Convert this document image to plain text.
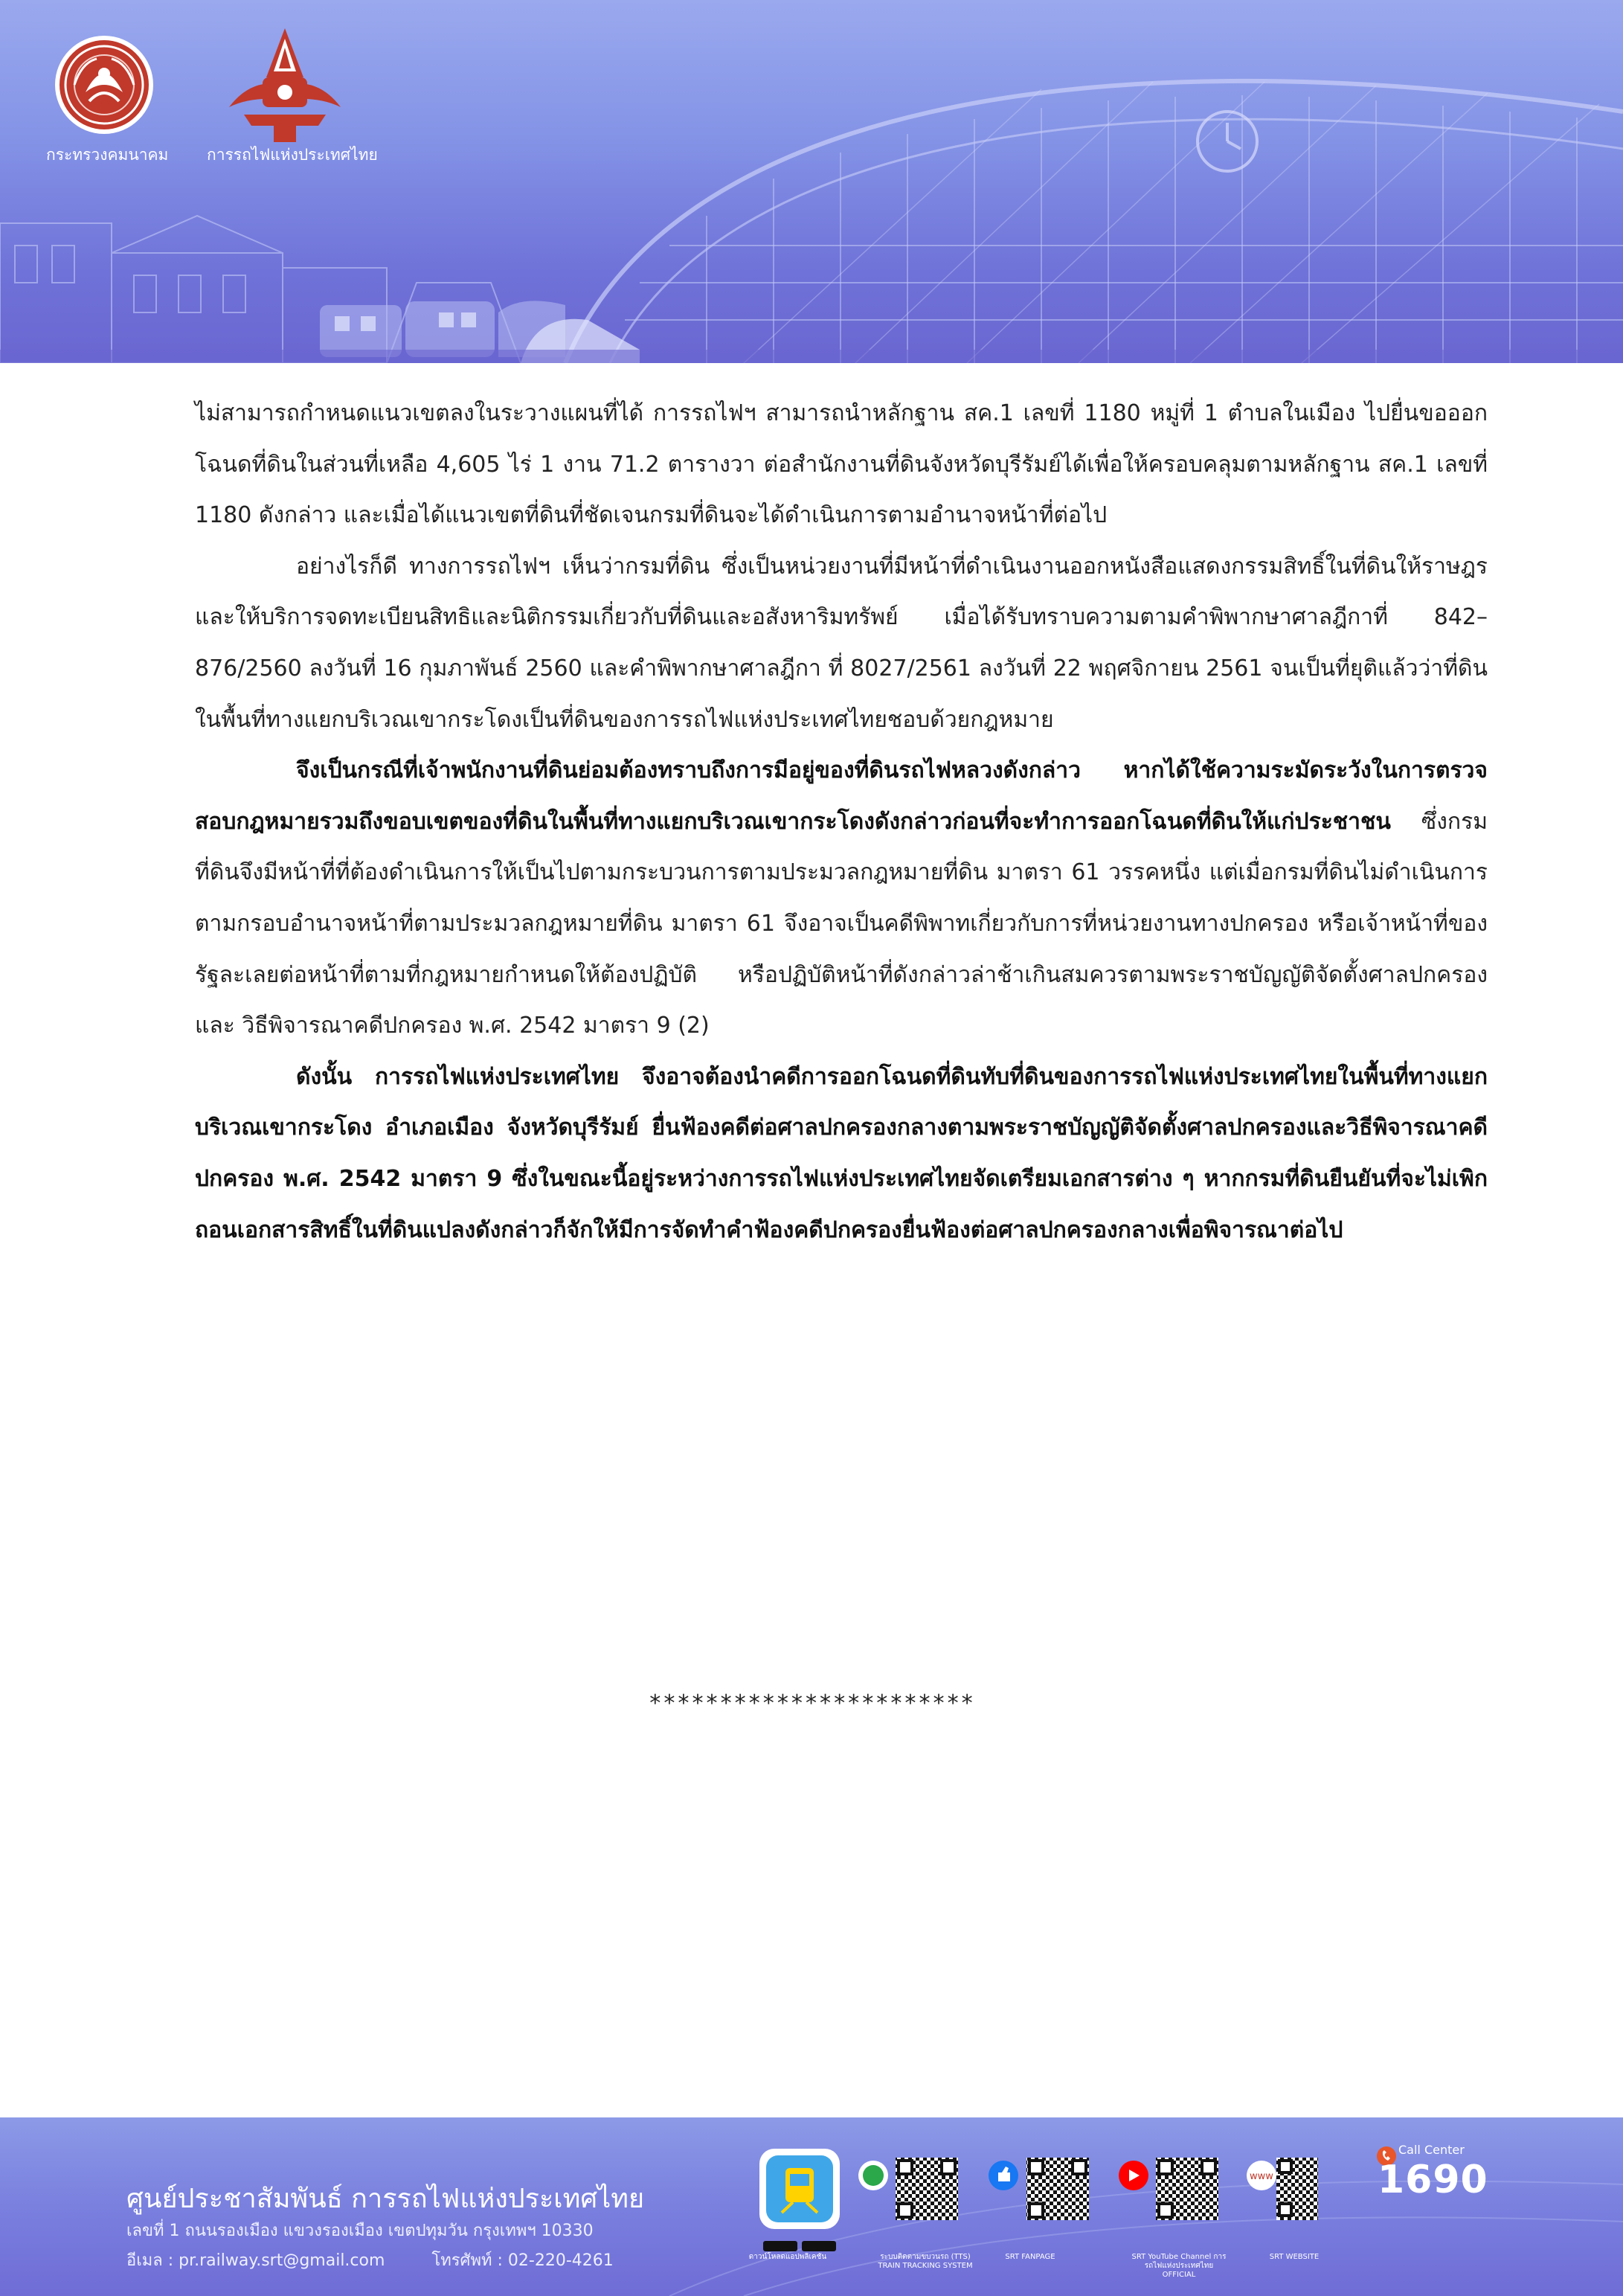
กระทรวงคมนาคม การรถไฟแห่งประเทศไทย

ไม่สามารถกำหนดแนวเขตลงในระวางแผนที่ได้ การรถไฟฯ สามารถนำหลักฐาน สค.1 เลขที่ 1180 หมู่ที่ 1 ตำบลในเมือง ไปยื่นขอออกโฉนดที่ดินในส่วนที่เหลือ 4,605 ไร่ 1 งาน 71.2 ตารางวา ต่อสำนักงานที่ดินจังหวัดบุรีรัมย์ได้เพื่อให้ครอบคลุมตามหลักฐาน สค.1 เลขที่ 1180 ดังกล่าว และเมื่อได้แนวเขตที่ดินที่ชัดเจนกรมที่ดินจะได้ดำเนินการตามอำนาจหน้าที่ต่อไป

อย่างไรก็ดี ทางการรถไฟฯ เห็นว่ากรมที่ดิน ซึ่งเป็นหน่วยงานที่มีหน้าที่ดำเนินงานออกหนังสือแสดงกรรมสิทธิ์ในที่ดินให้ราษฎรและให้บริการจดทะเบียนสิทธิและนิติกรรมเกี่ยวกับที่ดินและอสังหาริมทรัพย์ เมื่อได้รับทราบความตามคำพิพากษาศาลฎีกาที่ 842–876/2560 ลงวันที่ 16 กุมภาพันธ์ 2560 และคำพิพากษาศาลฎีกา ที่ 8027/2561 ลงวันที่ 22 พฤศจิกายน 2561 จนเป็นที่ยุติแล้วว่าที่ดินในพื้นที่ทางแยกบริเวณเขากระโดงเป็นที่ดินของการรถไฟแห่งประเทศไทยชอบด้วยกฎหมาย

จึงเป็นกรณีที่เจ้าพนักงานที่ดินย่อมต้องทราบถึงการมีอยู่ของที่ดินรถไฟหลวงดังกล่าว หากได้ใช้ความระมัดระวังในการตรวจสอบกฎหมายรวมถึงขอบเขตของที่ดินในพื้นที่ทางแยกบริเวณเขากระโดงดังกล่าวก่อนที่จะทำการออกโฉนดที่ดินให้แก่ประชาชน ซึ่งกรมที่ดินจึงมีหน้าที่ที่ต้องดำเนินการให้เป็นไปตามกระบวนการตามประมวลกฎหมายที่ดิน มาตรา 61 วรรคหนึ่ง แต่เมื่อกรมที่ดินไม่ดำเนินการตามกรอบอำนาจหน้าที่ตามประมวลกฎหมายที่ดิน มาตรา 61 จึงอาจเป็นคดีพิพาทเกี่ยวกับการที่หน่วยงานทางปกครอง หรือเจ้าหน้าที่ของรัฐละเลยต่อหน้าที่ตามที่กฎหมายกำหนดให้ต้องปฏิบัติ หรือปฏิบัติหน้าที่ดังกล่าวล่าช้าเกินสมควรตามพระราชบัญญัติจัดตั้งศาลปกครองและ วิธีพิจารณาคดีปกครอง พ.ศ. 2542 มาตรา 9 (2)

ดังนั้น การรถไฟแห่งประเทศไทย จึงอาจต้องนำคดีการออกโฉนดที่ดินทับที่ดินของการรถไฟแห่งประเทศไทยในพื้นที่ทางแยกบริเวณเขากระโดง อำเภอเมือง จังหวัดบุรีรัมย์ ยื่นฟ้องคดีต่อศาลปกครองกลางตามพระราชบัญญัติจัดตั้งศาลปกครองและวิธีพิจารณาคดีปกครอง พ.ศ. 2542 มาตรา 9 ซึ่งในขณะนี้อยู่ระหว่างการรถไฟแห่งประเทศไทยจัดเตรียมเอกสารต่าง ๆ หากกรมที่ดินยืนยันที่จะไม่เพิกถอนเอกสารสิทธิ์ในที่ดินแปลงดังกล่าวก็จักให้มีการจัดทำคำฟ้องคดีปกครองยื่นฟ้องต่อศาลปกครองกลางเพื่อพิจารณาต่อไป

***********************
ศูนย์ประชาสัมพันธ์ การรถไฟแห่งประเทศไทย
เลขที่ 1 ถนนรองเมือง แขวงรองเมือง เขตปทุมวัน กรุงเทพฯ 10330
อีเมล : pr.railway.srt@gmail.com	โทรศัพท์ : 02-220-4261
www
ดาวน์โหลดแอปพลิเคชัน	ระบบติดตามขบวนรถ (TTS) TRAIN TRACKING SYSTEM
SRT FANPAGE	SRT YouTube Channel การรถไฟแห่งประเทศไทย OFFICIAL
SRT WEBSITE
Call Center
1690
